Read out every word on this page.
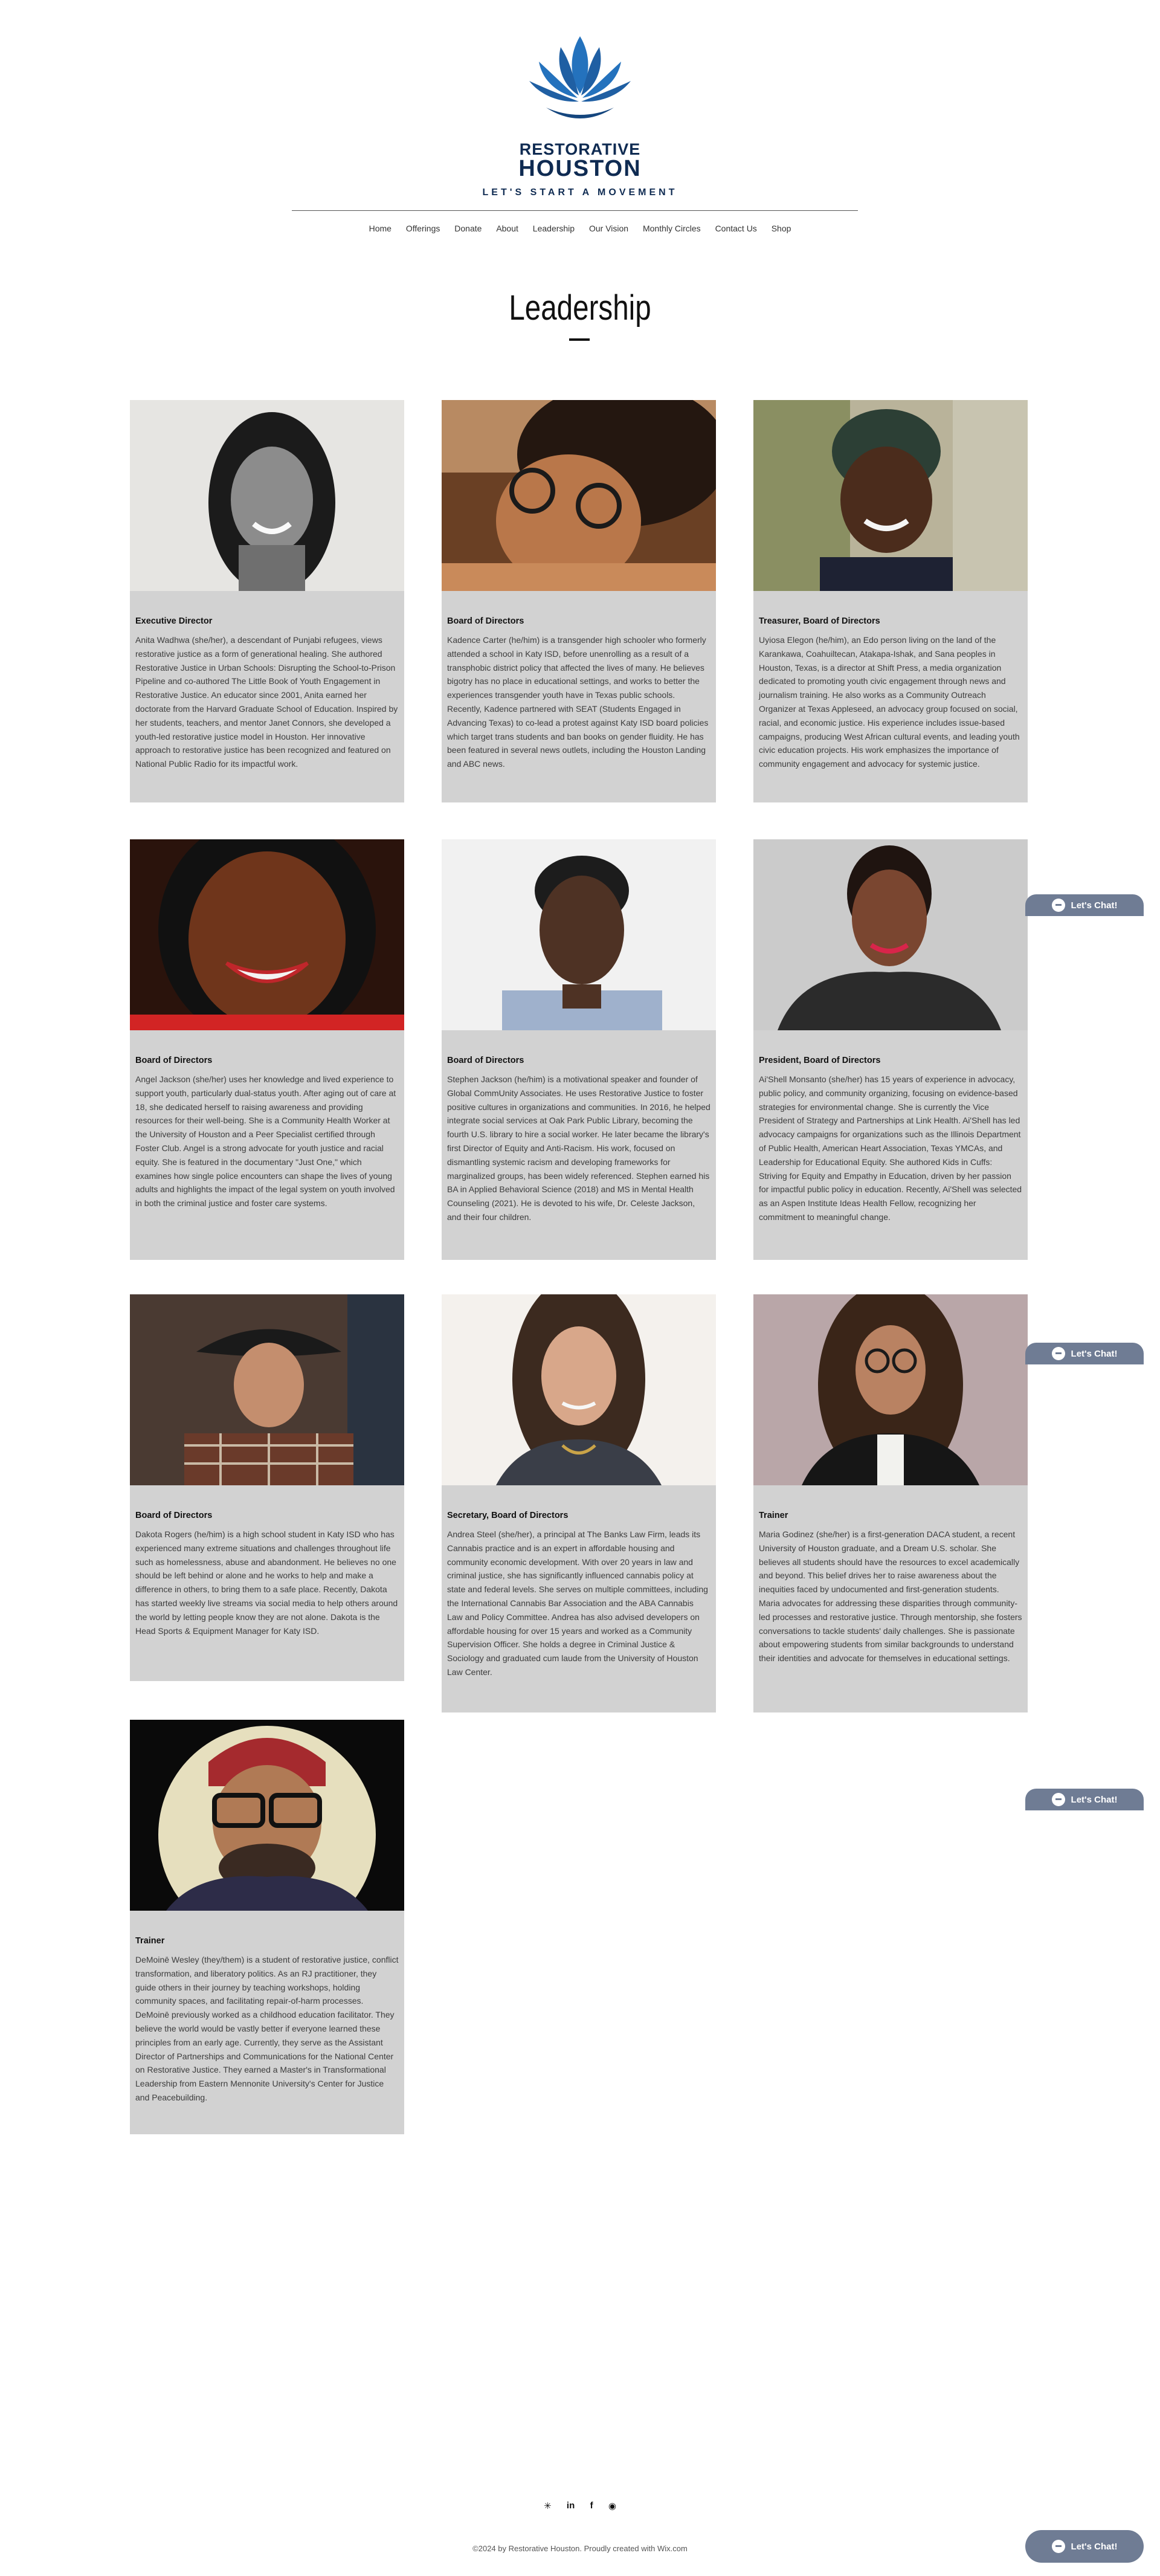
RESTORATIVE
HOUSTON
LET'S START A MOVEMENT
Home Offerings Donate About Leadership Our Vision Monthly Circles Contact Us Shop
Leadership
Executive Director
Anita Wadhwa (she/her), a descendant of Punjabi refugees, views restorative justice as a form of generational healing. She authored Restorative Justice in Urban Schools: Disrupting the School-to-Prison Pipeline and co-authored The Little Book of Youth Engagement in Restorative Justice. An educator since 2001, Anita earned her doctorate from the Harvard Graduate School of Education. Inspired by her students, teachers, and mentor Janet Connors, she developed a youth-led restorative justice model in Houston. Her innovative approach to restorative justice has been recognized and featured on National Public Radio for its impactful work.
Board of Directors
Kadence Carter (he/him) is a transgender high schooler who formerly attended a school in Katy ISD, before unenrolling as a result of a transphobic district policy that affected the lives of many. He believes bigotry has no place in educational settings, and works to better the experiences transgender youth have in Texas public schools. Recently, Kadence partnered with SEAT (Students Engaged in Advancing Texas) to co-lead a protest against Katy ISD board policies which target trans students and ban books on gender fluidity. He has been featured in several news outlets, including the Houston Landing and ABC news.
Treasurer, Board of Directors
Uyiosa Elegon (he/him), an Edo person living on the land of the Karankawa, Coahuiltecan, Atakapa-Ishak, and Sana peoples in Houston, Texas, is a director at Shift Press, a media organization dedicated to promoting youth civic engagement through news and journalism training. He also works as a Community Outreach Organizer at Texas Appleseed, an advocacy group focused on social, racial, and economic justice. His experience includes issue-based campaigns, producing West African cultural events, and leading youth civic education projects. His work emphasizes the importance of community engagement and advocacy for systemic justice.
Board of Directors
Angel Jackson (she/her) uses her knowledge and lived experience to support youth, particularly dual-status youth. After aging out of care at 18, she dedicated herself to raising awareness and providing resources for their well-being. She is a Community Health Worker at the University of Houston and a Peer Specialist certified through Foster Club. Angel is a strong advocate for youth justice and racial equity. She is featured in the documentary "Just One," which examines how single police encounters can shape the lives of young adults and highlights the impact of the legal system on youth involved in both the criminal justice and foster care systems.
Board of Directors
Stephen Jackson (he/him) is a motivational speaker and founder of Global CommUnity Associates. He uses Restorative Justice to foster positive cultures in organizations and communities. In 2016, he helped integrate social services at Oak Park Public Library, becoming the fourth U.S. library to hire a social worker. He later became the library's first Director of Equity and Anti-Racism. His work, focused on dismantling systemic racism and developing frameworks for marginalized groups, has been widely referenced. Stephen earned his BA in Applied Behavioral Science (2018) and MS in Mental Health Counseling (2021). He is devoted to his wife, Dr. Celeste Jackson, and their four children.
President, Board of Directors
Ai'Shell Monsanto (she/her) has 15 years of experience in advocacy, public policy, and community organizing, focusing on evidence-based strategies for environmental change. She is currently the Vice President of Strategy and Partnerships at Link Health. Ai'Shell has led advocacy campaigns for organizations such as the Illinois Department of Public Health, American Heart Association, Texas YMCAs, and Leadership for Educational Equity. She authored Kids in Cuffs: Striving for Equity and Empathy in Education, driven by her passion for impactful public policy in education. Recently, Ai'Shell was selected as an Aspen Institute Ideas Health Fellow, recognizing her commitment to meaningful change.
Board of Directors
Dakota Rogers (he/him) is a high school student in Katy ISD who has experienced many extreme situations and challenges throughout life such as homelessness, abuse and abandonment. He believes no one should be left behind or alone and he works to help and make a difference in others, to bring them to a safe place. Recently, Dakota has started weekly live streams via social media to help others around the world by letting people know they are not alone. Dakota is the Head Sports & Equipment Manager for Katy ISD.
Secretary, Board of Directors
Andrea Steel (she/her), a principal at The Banks Law Firm, leads its Cannabis practice and is an expert in affordable housing and community economic development. With over 20 years in law and criminal justice, she has significantly influenced cannabis policy at state and federal levels. She serves on multiple committees, including the International Cannabis Bar Association and the ABA Cannabis Law and Policy Committee. Andrea has also advised developers on affordable housing for over 15 years and worked as a Community Supervision Officer. She holds a degree in Criminal Justice & Sociology and graduated cum laude from the University of Houston Law Center.
Trainer
Maria Godinez (she/her) is a first-generation DACA student, a recent University of Houston graduate, and a Dream U.S. scholar. She believes all students should have the resources to excel academically and beyond. This belief drives her to raise awareness about the inequities faced by undocumented and first-generation students. Maria advocates for addressing these disparities through community-led processes and restorative justice. Through mentorship, she fosters conversations to tackle students' daily challenges. She is passionate about empowering students from similar backgrounds to understand their identities and advocate for themselves in educational settings.
Trainer
DeMoinē Wesley (they/them) is a student of restorative justice, conflict transformation, and liberatory politics. As an RJ practitioner, they guide others in their journey by teaching workshops, holding community spaces, and facilitating repair-of-harm processes. DeMoinē previously worked as a childhood education facilitator. They believe the world would be vastly better if everyone learned these principles from an early age. Currently, they serve as the Assistant Director of Partnerships and Communications for the National Center on Restorative Justice. They earned a Master's in Transformational Leadership from Eastern Mennonite University's Center for Justice and Peacebuilding.
Let's Chat!
Let's Chat!
Let's Chat!
Let's Chat!
✳ in f ◉
©2024 by Restorative Houston. Proudly created with Wix.com
